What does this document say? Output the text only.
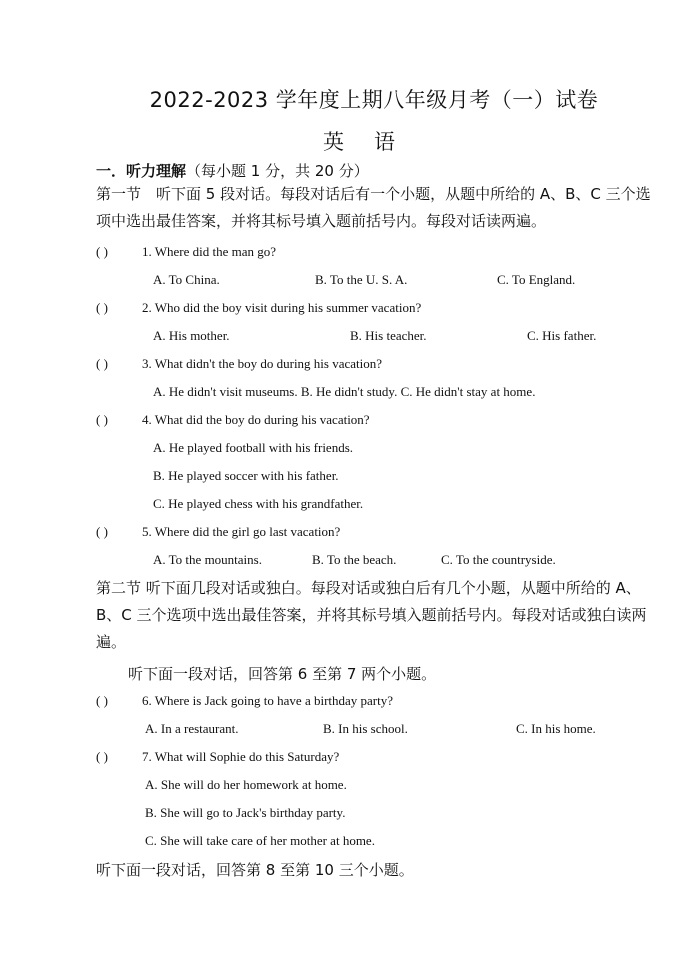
2022-2023 学年度上期八年级月考（一）试卷
英语
一．听力理解（每小题 1 分，共 20 分）
第一节　听下面 5 段对话。每段对话后有一个小题，从题中所给的 A、B、C 三个选项中选出最佳答案，并将其标号填入题前括号内。每段对话读两遍。
( )	1. Where did the man go?
A. To China.	B. To the U. S. A.	C. To England.
( )	2. Who did the boy visit during his summer vacation?
A. His mother.	B. His teacher.	C. His father.
( )	3. What didn't the boy do during his vacation?
A. He didn't visit museums. B. He didn't study. C. He didn't stay at home.
( )	4. What did the boy do during his vacation?
A. He played football with his friends.
B. He played soccer with his father.
C. He played chess with his grandfather.
( )	5. Where did the girl go last vacation?
A. To the mountains.	B. To the beach.	C. To the countryside.
第二节 听下面几段对话或独白。每段对话或独白后有几个小题，从题中所给的 A、B、C 三个选项中选出最佳答案，并将其标号填入题前括号内。每段对话或独白读两遍。
听下面一段对话，回答第 6 至第 7 两个小题。
( )	6. Where is Jack going to have a birthday party?
A. In a restaurant.	B. In his school.	C. In his home.
( )	7. What will Sophie do this Saturday?
A. She will do her homework at home.
B. She will go to Jack's birthday party.
C. She will take care of her mother at home.
听下面一段对话，回答第 8 至第 10 三个小题。
